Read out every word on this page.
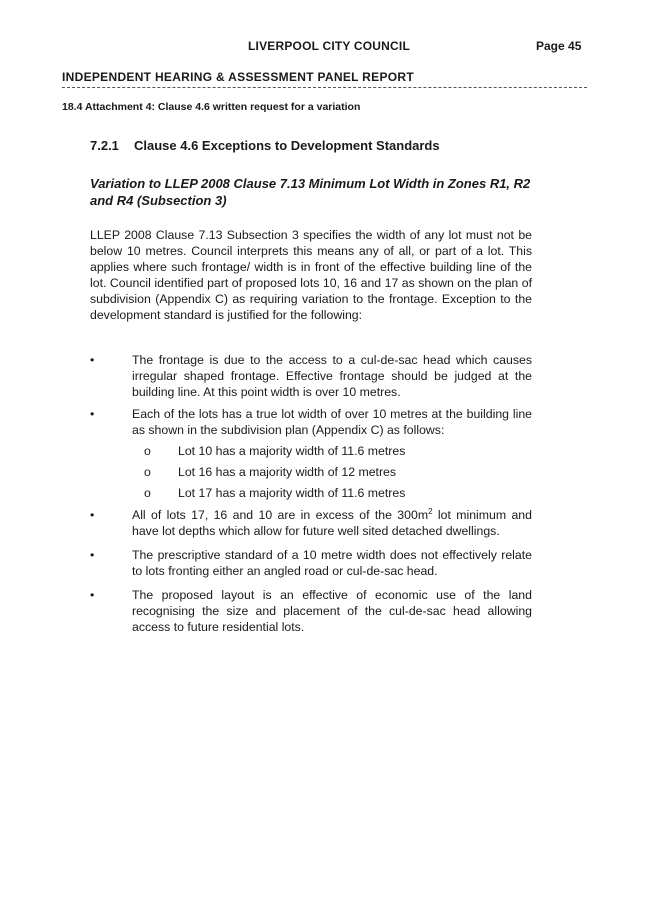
LIVERPOOL CITY COUNCIL	Page 45
INDEPENDENT HEARING & ASSESSMENT PANEL REPORT
18.4 Attachment 4: Clause 4.6 written request for a variation
7.2.1 Clause 4.6 Exceptions to Development Standards
Variation to LLEP 2008 Clause 7.13 Minimum Lot Width in Zones R1, R2 and R4 (Subsection 3)
LLEP 2008 Clause 7.13 Subsection 3 specifies the width of any lot must not be below 10 metres. Council interprets this means any of all, or part of a lot. This applies where such frontage/ width is in front of the effective building line of the lot. Council identified part of proposed lots 10, 16 and 17 as shown on the plan of subdivision (Appendix C) as requiring variation to the frontage. Exception to the development standard is justified for the following:
•	The frontage is due to the access to a cul-de-sac head which causes irregular shaped frontage. Effective frontage should be judged at the building line. At this point width is over 10 metres.
•	Each of the lots has a true lot width of over 10 metres at the building line as shown in the subdivision plan (Appendix C) as follows:
o Lot 10 has a majority width of 11.6 metres
o Lot 16 has a majority width of 12 metres
o Lot 17 has a majority width of 11.6 metres
•	All of lots 17, 16 and 10 are in excess of the $300m^2$ lot minimum and have lot depths which allow for future well sited detached dwellings.
•	The prescriptive standard of a 10 metre width does not effectively relate to lots fronting either an angled road or cul-de-sac head.
•	The proposed layout is an effective of economic use of the land recognising the size and placement of the cul-de-sac head allowing access to future residential lots.
